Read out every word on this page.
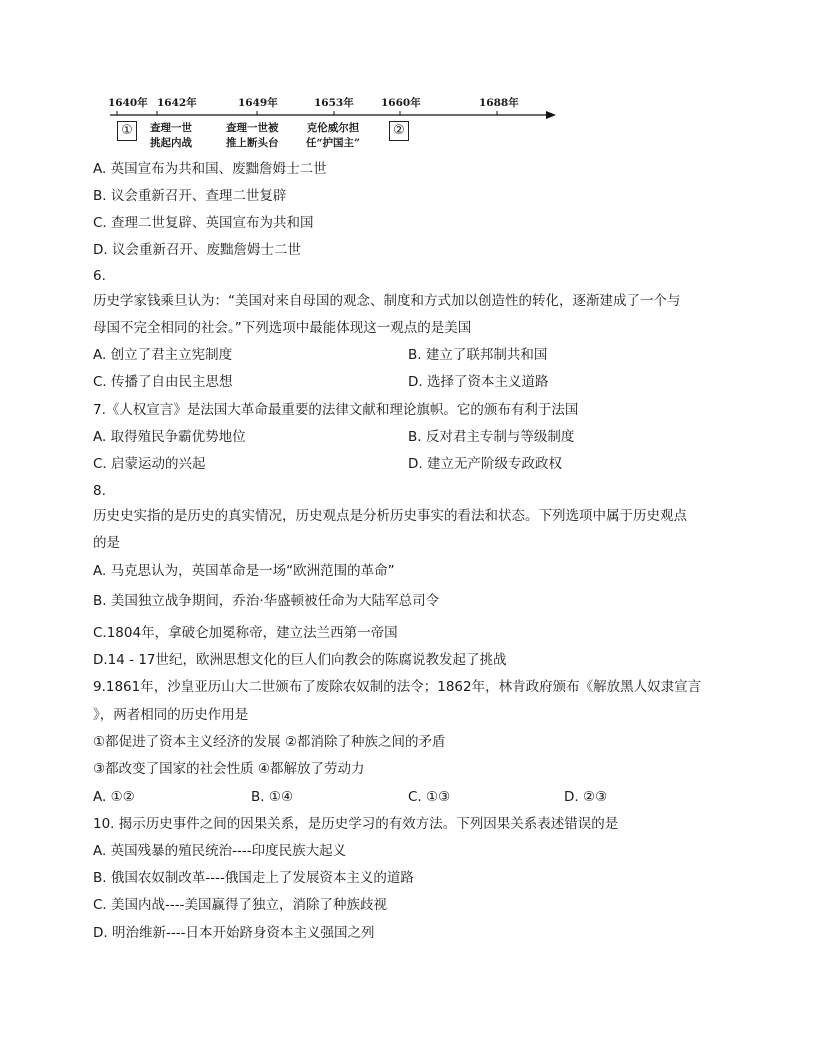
1640年 1642年	1649年	1653年	1660年	1688年
①	②
查理一世
挑起内战
查理一世被
推上断头台
克伦威尔担
任“护国主”
A. 英国宣布为共和国、废黜詹姆士二世
B. 议会重新召开、查理二世复辟
C. 查理二世复辟、英国宣布为共和国
D. 议会重新召开、废黜詹姆士二世
6.
历史学家钱乘旦认为：“美国对来自母国的观念、制度和方式加以创造性的转化，逐渐建成了一个与
母国不完全相同的社会。”下列选项中最能体现这一观点的是美国
A. 创立了君主立宪制度	B. 建立了联邦制共和国
C. 传播了自由民主思想	D. 选择了资本主义道路
7.《人权宣言》是法国大革命最重要的法律文献和理论旗帜。它的颁布有利于法国
A. 取得殖民争霸优势地位	B. 反对君主专制与等级制度
C. 启蒙运动的兴起	D. 建立无产阶级专政政权
8.
历史史实指的是历史的真实情况，历史观点是分析历史事实的看法和状态。下列选项中属于历史观点
的是
A. 马克思认为，英国革命是一场“欧洲范围的革命”
B. 美国独立战争期间，乔治·华盛顿被任命为大陆军总司令
C.1804年，拿破仑加冕称帝，建立法兰西第一帝国
D.14 - 17世纪，欧洲思想文化的巨人们向教会的陈腐说教发起了挑战
9.1861年，沙皇亚历山大二世颁布了废除农奴制的法令；1862年，林肯政府颁布《解放黑人奴隶宣言
》，两者相同的历史作用是
①都促进了资本主义经济的发展 ②都消除了种族之间的矛盾
③都改变了国家的社会性质 ④都解放了劳动力
A. ①②	B. ①④	C. ①③	D. ②③
10. 揭示历史事件之间的因果关系，是历史学习的有效方法。下列因果关系表述错误的是
A. 英国残暴的殖民统治----印度民族大起义
B. 俄国农奴制改革----俄国走上了发展资本主义的道路
C. 美国内战----美国赢得了独立，消除了种族歧视
D. 明治维新----日本开始跻身资本主义强国之列
